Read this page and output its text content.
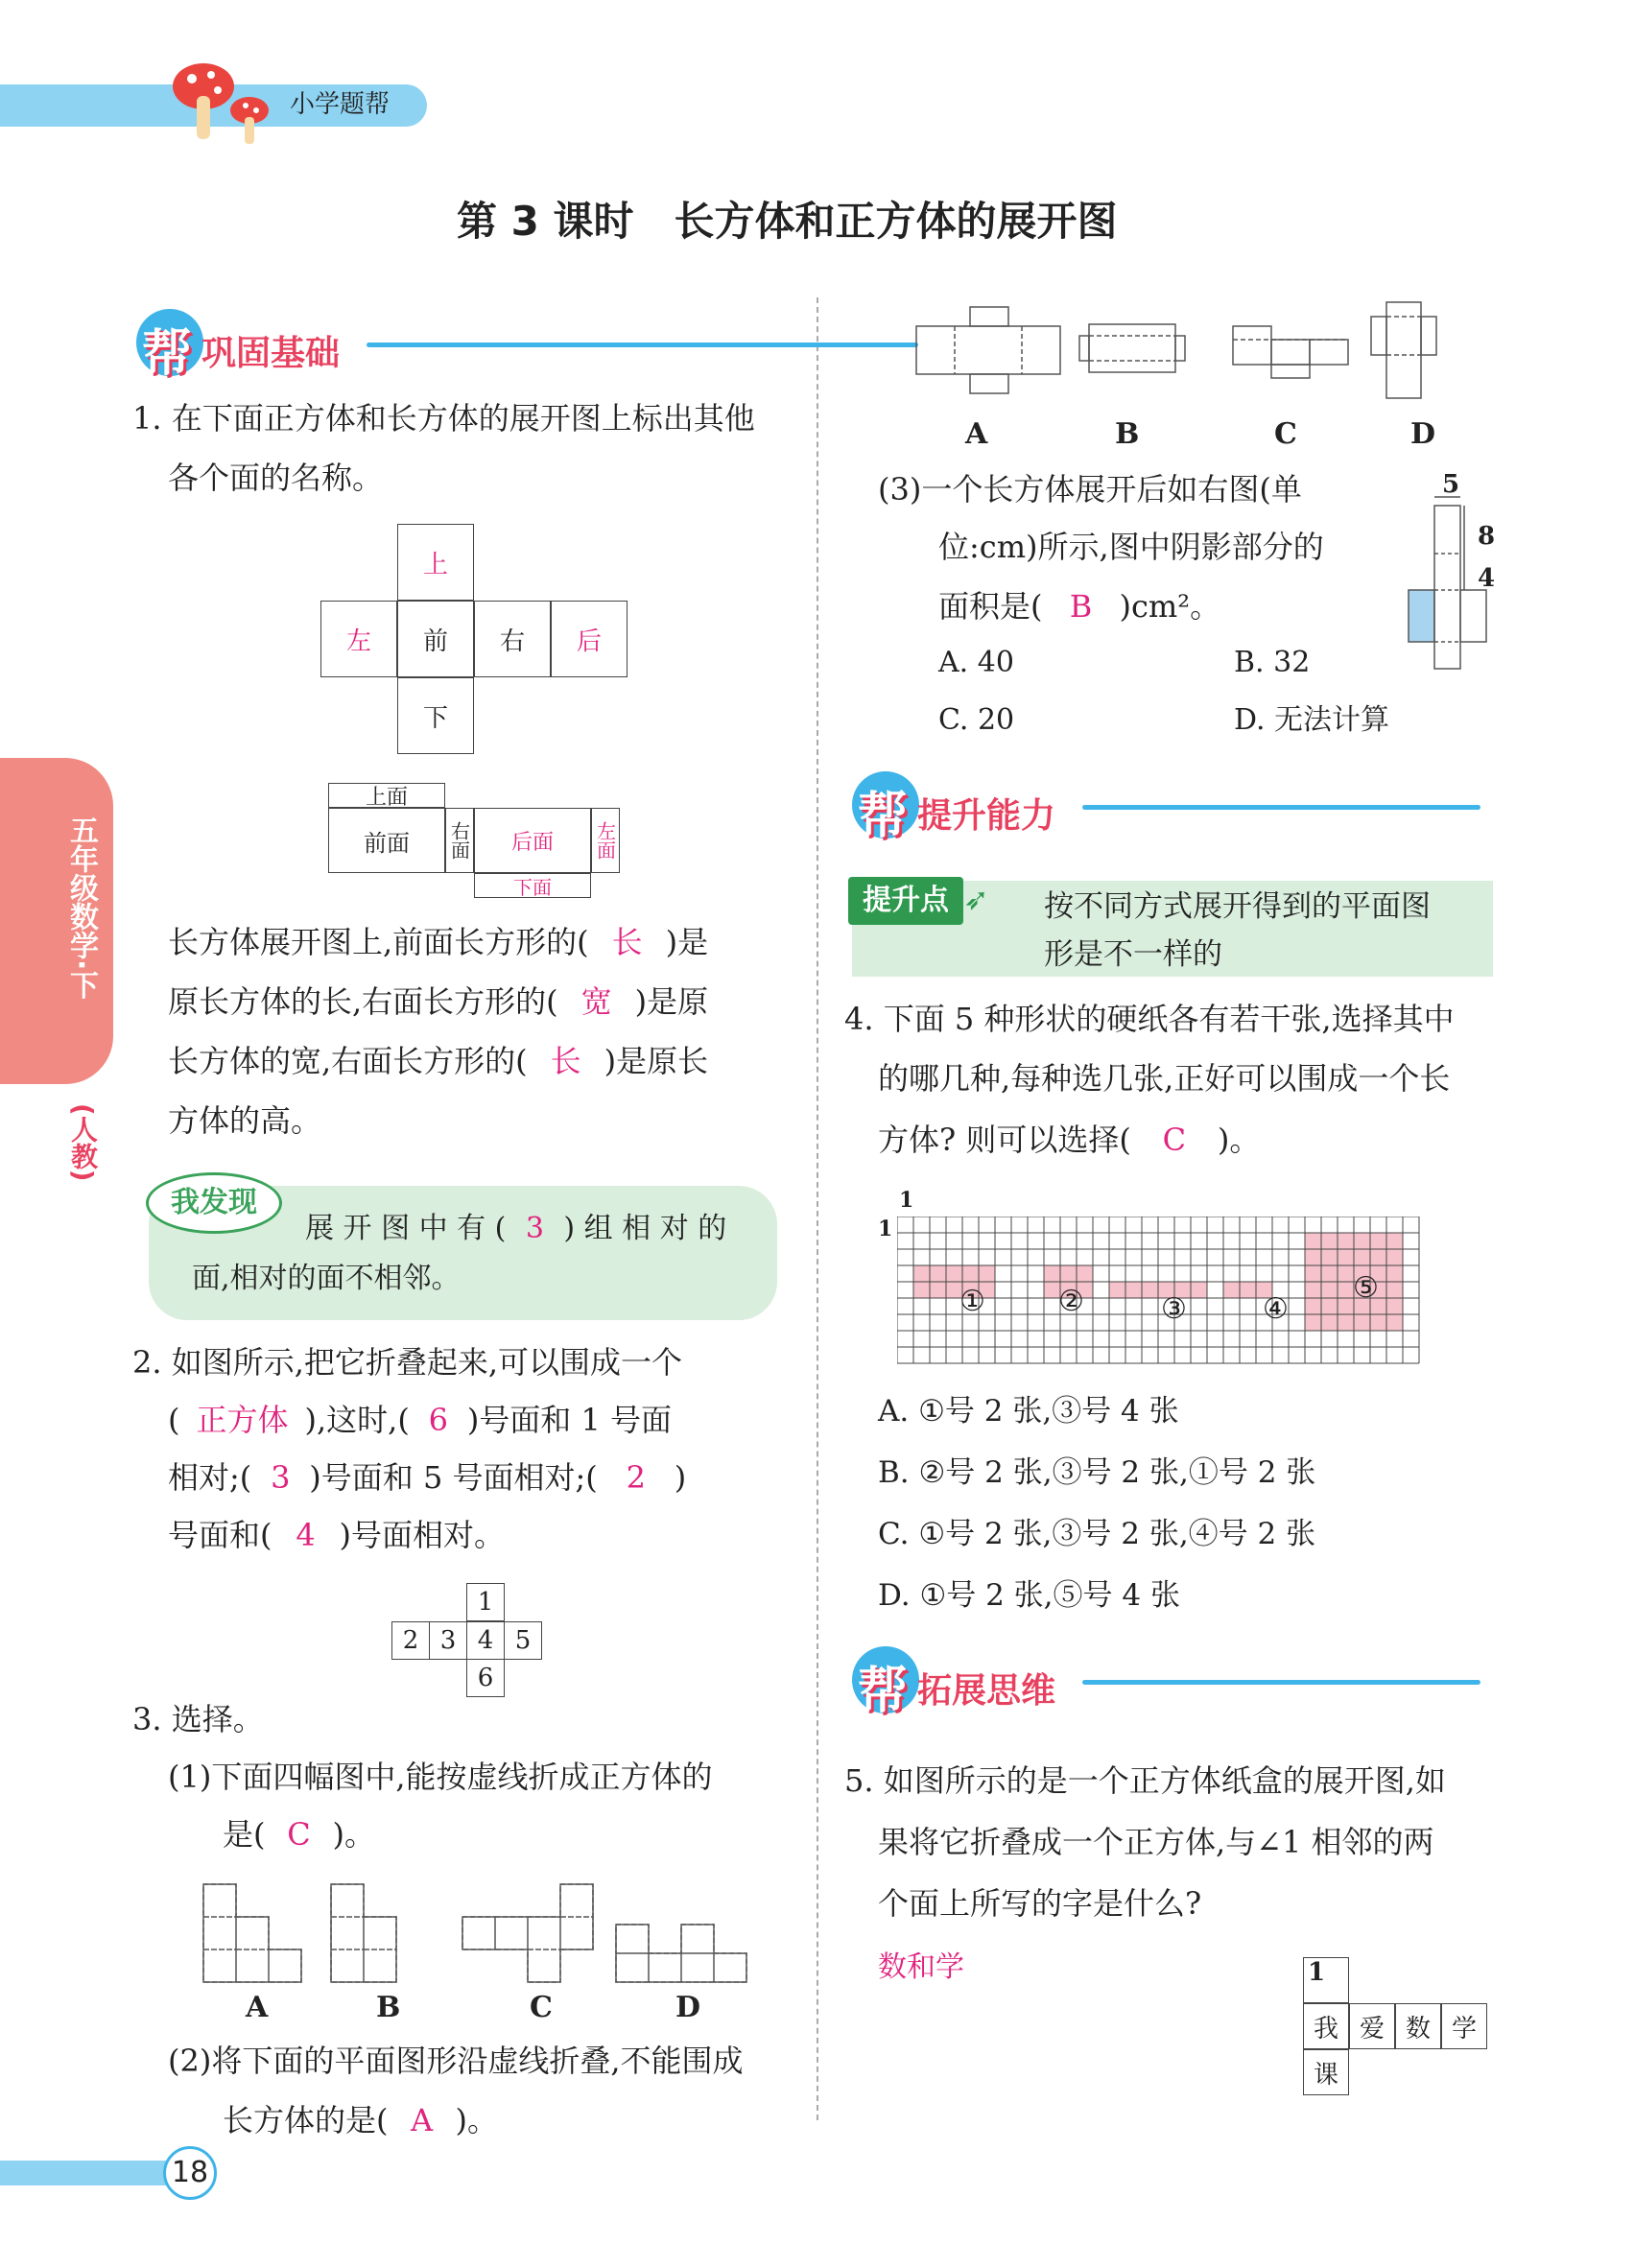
小学题帮
第 3 课时　长方体和正方体的展开图
五年级数学·下
(人教)
18
帮 巩固基础
1. 在下面正方体和长方体的展开图上标出其他
各个面的名称。
上
左 前 右 后
下
上面
前面 右面 后面 左面
下面
长方体展开图上,前面长方形的( 长 )是
原长方体的长,右面长方形的( 宽 )是原
长方体的宽,右面长方形的( 长 )是原长
方体的高。
我发现
展 开 图 中 有 ( 3 ) 组 相 对 的
面,相对的面不相邻。
2. 如图所示,把它折叠起来,可以围成一个
( 正方体 ),这时,( 6 )号面和 1 号面
相对;( 3 )号面和 5 号面相对;( 2 )
号面和( 4 )号面相对。
1
2 3 4 5
6
3. 选择。
(1)下面四幅图中,能按虚线折成正方体的
是( C )。
A	B	C	D
(2)将下面的平面图形沿虚线折叠,不能围成
长方体的是( A )。
A	B	C	D
(3)一个长方体展开后如右图(单
位:cm)所示,图中阴影部分的
面积是( B )cm²。
5
8
4
A. 40	B. 32
C. 20	D. 无法计算
帮 提升能力
提升点 ➶ 按不同方式展开得到的平面图
形是不一样的
4. 下面 5 种形状的硬纸各有若干张,选择其中
的哪几种,每种选几张,正好可以围成一个长
方体? 则可以选择( C )。
1
1
①	②	③	④
⑤
A. ①号 2 张,③号 4 张
B. ②号 2 张,③号 2 张,①号 2 张
C. ①号 2 张,③号 2 张,④号 2 张
D. ①号 2 张,⑤号 4 张
帮 拓展思维
5. 如图所示的是一个正方体纸盒的展开图,如
果将它折叠成一个正方体,与∠1 相邻的两
个面上所写的字是什么?
数和学	1
我 爱 数 学
课
